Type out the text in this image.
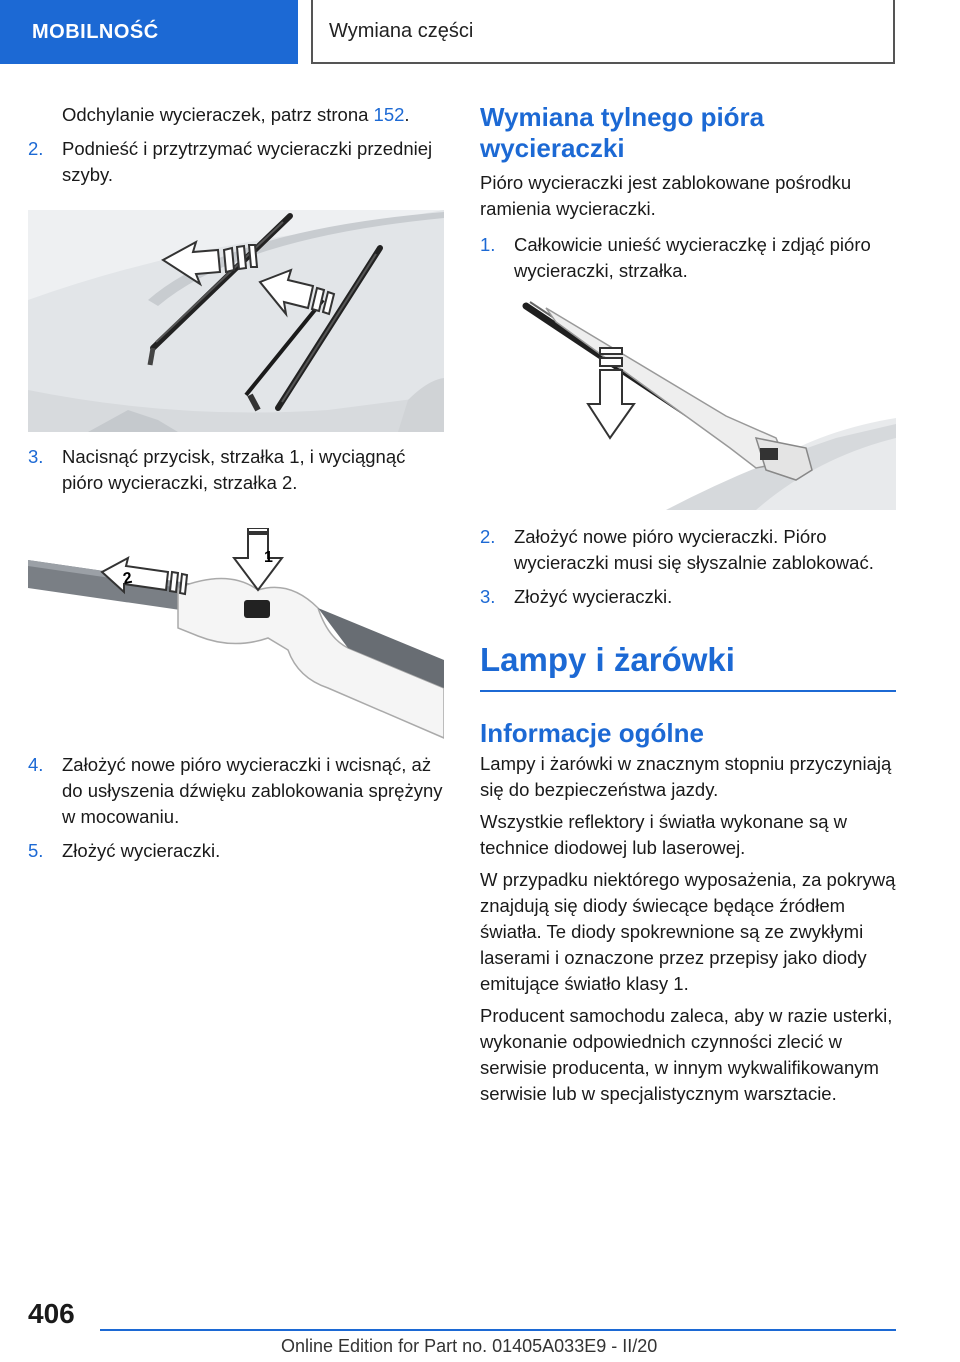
MOBILNOŚĆ	Wymiana części

Odchylanie wycieraczek, patrz strona 152.

2. Podnieść i przytrzymać wycieraczki przedniej szyby.
3. Nacisnąć przycisk, strzałka 1, i wyciągnąć pióro wycieraczki, strzałka 2.
1
2
4. Założyć nowe pióro wycieraczki i wcisnąć, aż do usłyszenia dźwięku zablokowania sprężyny w mocowaniu.
5. Złożyć wycieraczki.
Wymiana tylnego pióra wycieraczki

Pióro wycieraczki jest zablokowane pośrodku ramienia wycieraczki.

1. Całkowicie unieść wycieraczkę i zdjąć pióro wycieraczki, strzałka.
2. Założyć nowe pióro wycieraczki. Pióro wycieraczki musi się słyszalnie zablokować.
3. Złożyć wycieraczki.
Lampy i żarówki
Informacje ogólne

Lampy i żarówki w znacznym stopniu przyczyniają się do bezpieczeństwa jazdy.

Wszystkie reflektory i światła wykonane są w technice diodowej lub laserowej.

W przypadku niektórego wyposażenia, za pokrywą znajdują się diody świecące będące źródłem światła. Te diody spokrewnione są ze zwykłymi laserami i oznaczone przez przepisy jako diody emitujące światło klasy 1.

Producent samochodu zaleca, aby w razie usterki, wykonanie odpowiednich czynności zlecić w serwisie producenta, w innym wykwalifikowanym serwisie lub w specjalistycznym warsztacie.

406
Online Edition for Part no. 01405A033E9 - II/20
